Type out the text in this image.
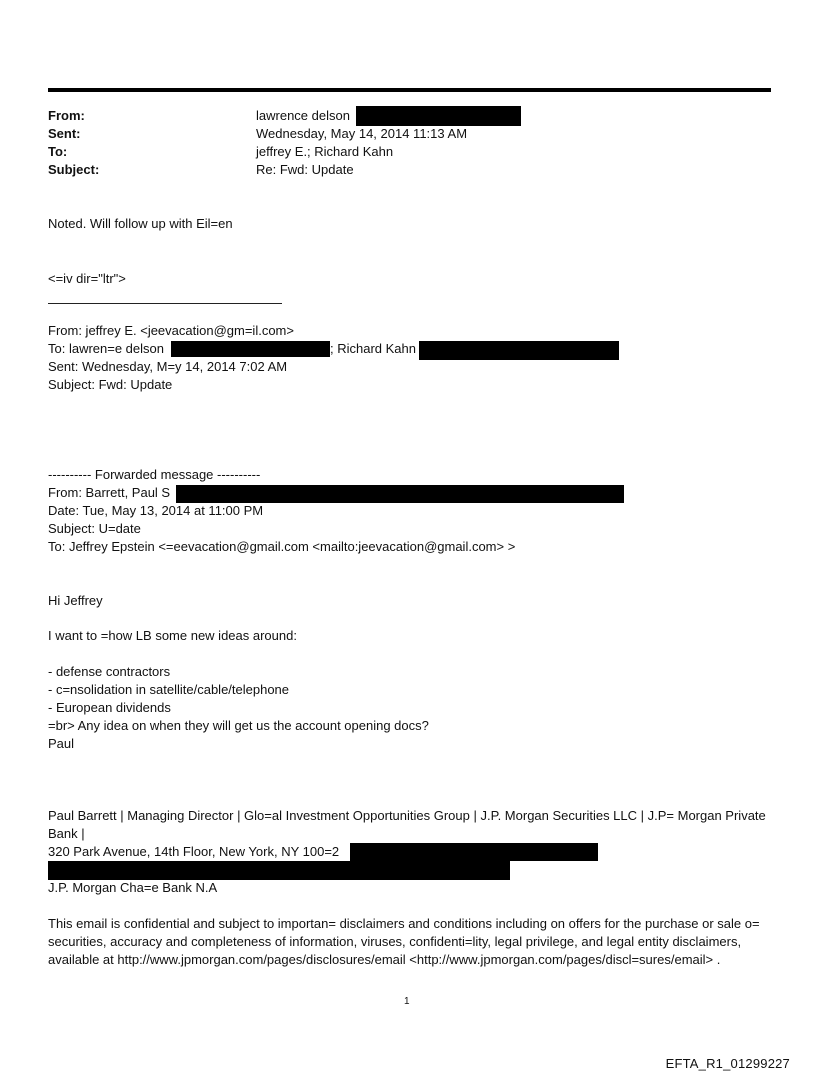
From:	lawrence delson
Sent:	Wednesday, May 14, 2014 11:13 AM
To:	jeffrey E.; Richard Kahn
Subject:	Re: Fwd: Update
Noted. Will follow up with Eil=en
<=iv dir="ltr">
From: jeffrey E. <jeevacation@gm=il.com>
To: lawren=e delson	; Richard Kahn
Sent: Wednesday, M=y 14, 2014 7:02 AM
Subject: Fwd: Update
---------- Forwarded message ----------
From: Barrett, Paul S
Date: Tue, May 13, 2014 at 11:00 PM
Subject: U=date
To: Jeffrey Epstein <=eevacation@gmail.com <mailto:jeevacation@gmail.com> >
Hi Jeffrey
I want to =how LB some new ideas around:
- defense contractors
- c=nsolidation in satellite/cable/telephone
- European dividends
=br> Any idea on when they will get us the account opening docs?
Paul
Paul Barrett | Managing Director | Glo=al Investment Opportunities Group | J.P. Morgan Securities LLC | J.P= Morgan Private Bank |
320 Park Avenue, 14th Floor, New York, NY 100=2
J.P. Morgan Cha=e Bank N.A
This email is confidential and subject to importan= disclaimers and conditions including on offers for the purchase or sale o= securities, accuracy and completeness of information, viruses, confidenti=lity, legal privilege, and legal entity disclaimers, available at http://www.jpmorgan.com/pages/disclosures/email <http://www.jpmorgan.com/pages/discl=sures/email> .
1
EFTA_R1_01299227
